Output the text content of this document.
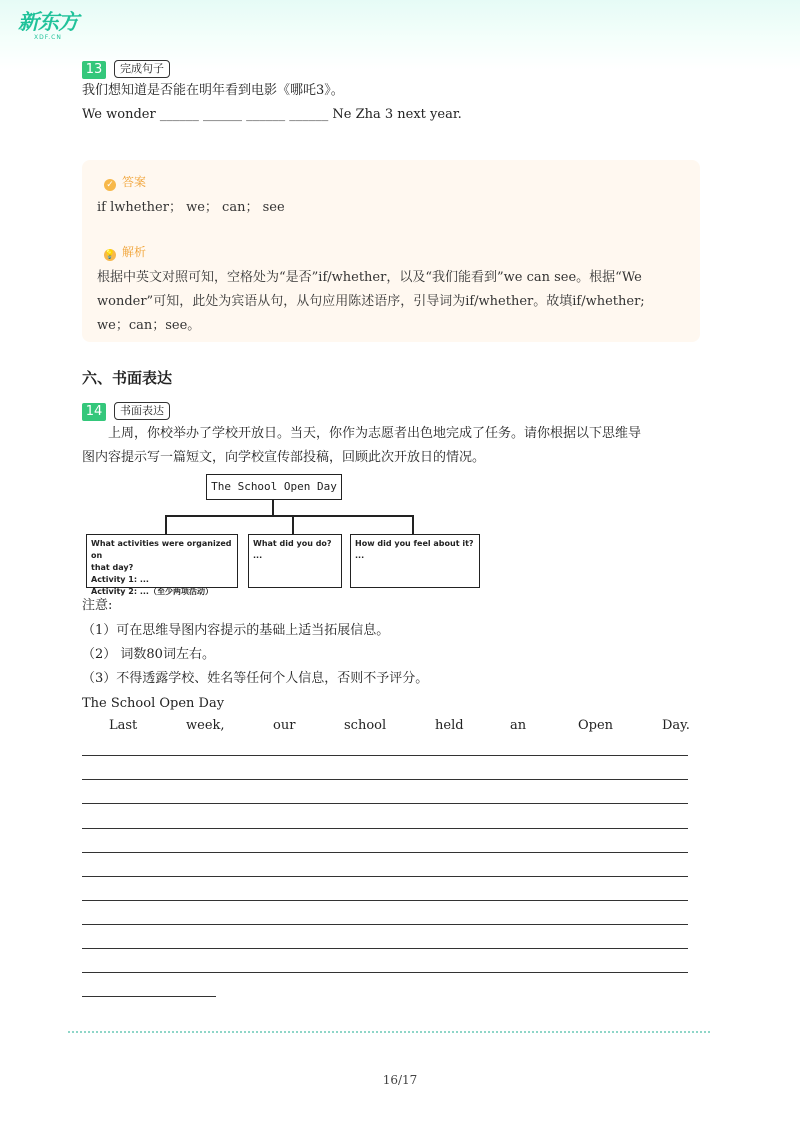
新东方
XDF.CN
13	完成句子
我们想知道是否能在明年看到电影《哪吒3》。
We wonder ______ ______ ______ ______ Ne Zha 3 next year.
✓ 答案
if lwhether； we； can； see
💡 解析
根据中英文对照可知，空格处为“是否”if/whether，以及“我们能看到”we can see。根据“We
wonder”可知，此处为宾语从句，从句应用陈述语序，引导词为if/whether。故填if/whether;
we；can；see。
六、书面表达
14	书面表达
上周，你校举办了学校开放日。当天，你作为志愿者出色地完成了任务。请你根据以下思维导
图内容提示写一篇短文，向学校宣传部投稿，回顾此次开放日的情况。
The School Open Day
What activities were organized on
that day?
Activity 1: ...
Activity 2: ...（至少两项活动）
What did you do?
...
How did you feel about it?
...
注意:
（1）可在思维导图内容提示的基础上适当拓展信息。
（2） 词数80词左右。
（3）不得透露学校、姓名等任何个人信息，否则不予评分。
The School Open Day
Last	week,	our	school	held	an	Open	Day.
16/17
